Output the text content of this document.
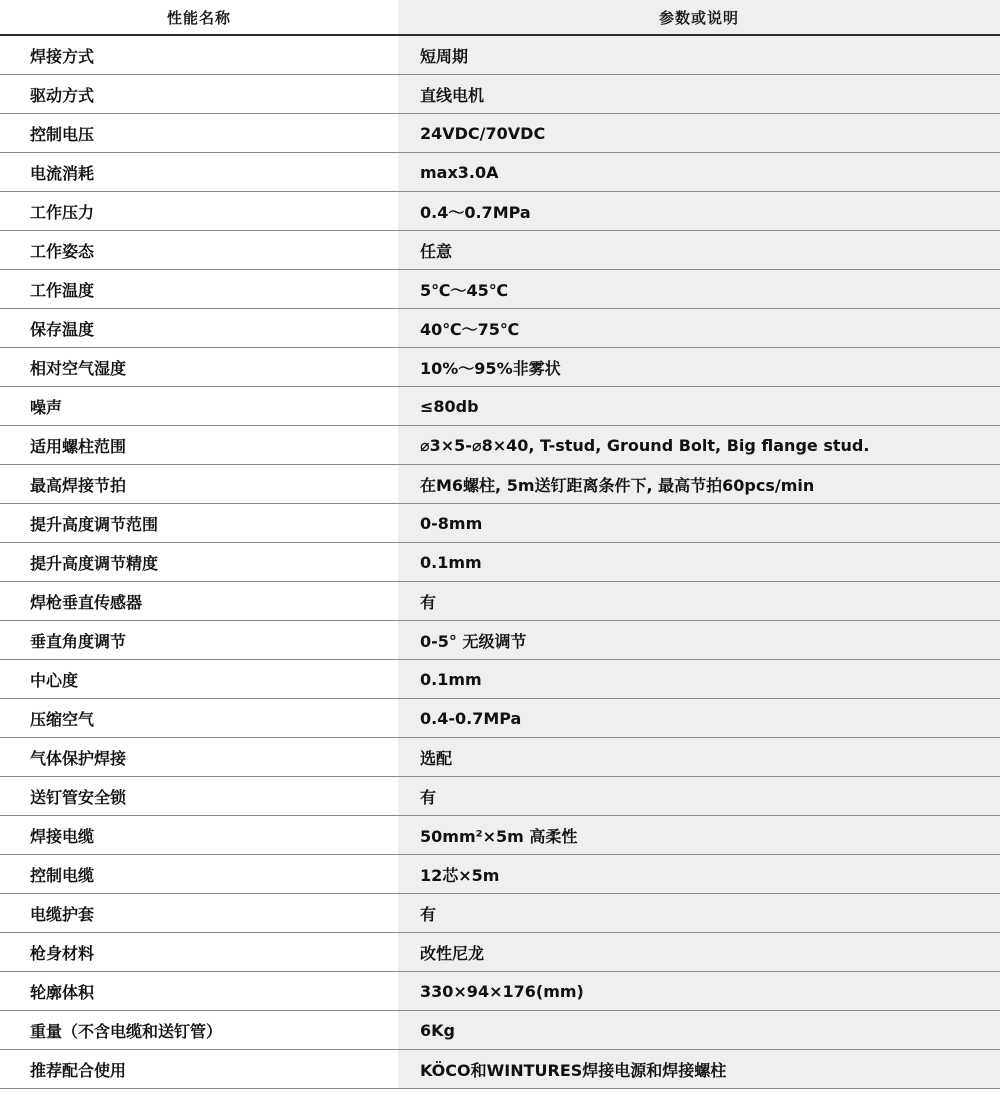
性能名称	参数或说明
焊接方式	短周期
驱动方式	直线电机
控制电压	24VDC/70VDC
电流消耗	max3.0A
工作压力	0.4～0.7MPa
工作姿态	任意
工作温度	5℃～45℃
保存温度	40℃～75℃
相对空气湿度	10%～95%非雾状
噪声	≤80db
适用螺柱范围	⌀3×5-⌀8×40, T-stud, Ground Bolt, Big flange stud.
最高焊接节拍	在M6螺柱, 5m送钉距离条件下, 最高节拍60pcs/min
提升高度调节范围	0-8mm
提升高度调节精度	0.1mm
焊枪垂直传感器	有
垂直角度调节	0-5° 无级调节
中心度	0.1mm
压缩空气	0.4-0.7MPa
气体保护焊接	选配
送钉管安全锁	有
焊接电缆	50mm²×5m 高柔性
控制电缆	12芯×5m
电缆护套	有
枪身材料	改性尼龙
轮廓体积	330×94×176(mm)
重量（不含电缆和送钉管）	6Kg
推荐配合使用	KÖCO和WINTURES焊接电源和焊接螺柱
